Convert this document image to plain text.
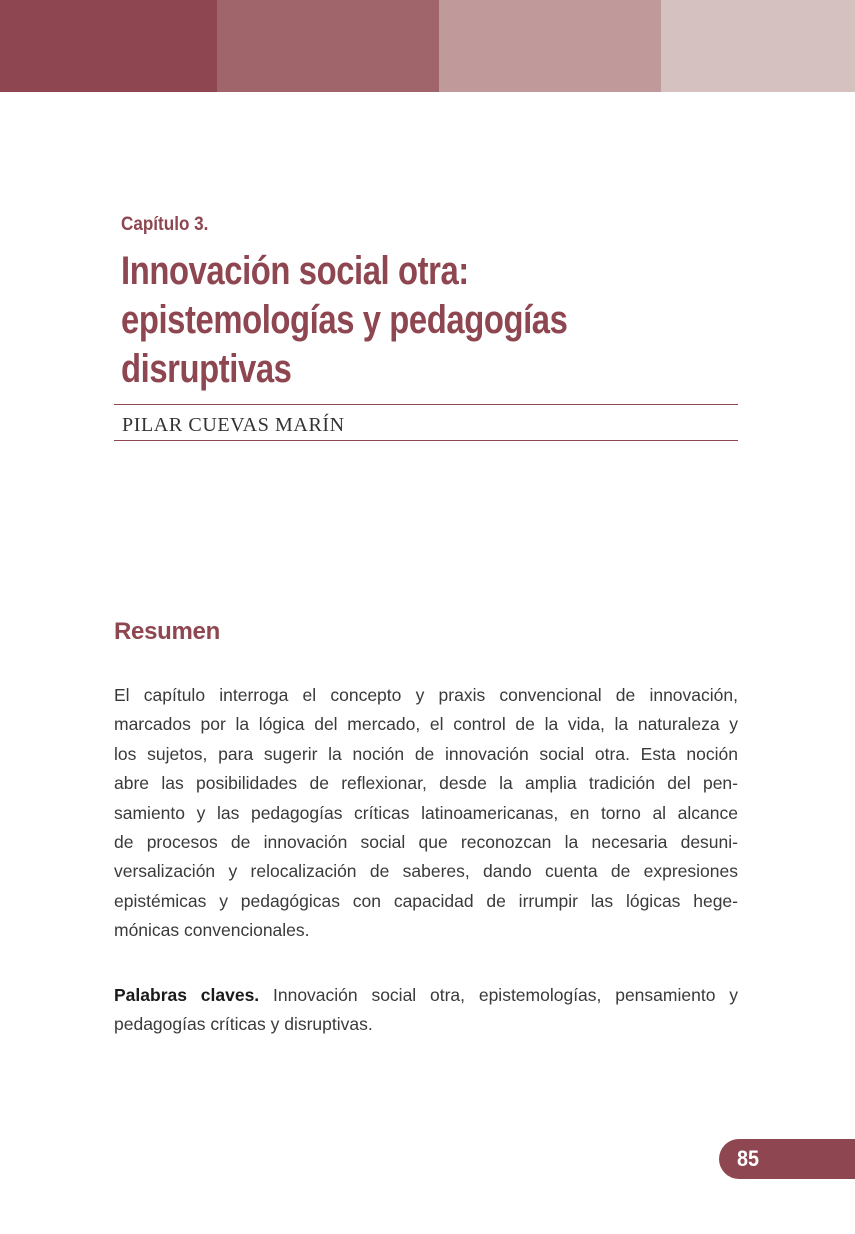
Capítulo 3.
Innovación social otra:
epistemologías y pedagogías
disruptivas
PILAR CUEVAS MARÍN
Resumen
El capítulo interroga el concepto y praxis convencional de innovación,
marcados por la lógica del mercado, el control de la vida, la naturaleza y
los sujetos, para sugerir la noción de innovación social otra. Esta noción
abre las posibilidades de reflexionar, desde la amplia tradición del pen-
samiento y las pedagogías críticas latinoamericanas, en torno al alcance
de procesos de innovación social que reconozcan la necesaria desuni-
versalización y relocalización de saberes, dando cuenta de expresiones
epistémicas y pedagógicas con capacidad de irrumpir las lógicas hege-
mónicas convencionales.
Palabras claves. Innovación social otra, epistemologías, pensamiento y
pedagogías críticas y disruptivas.
85
